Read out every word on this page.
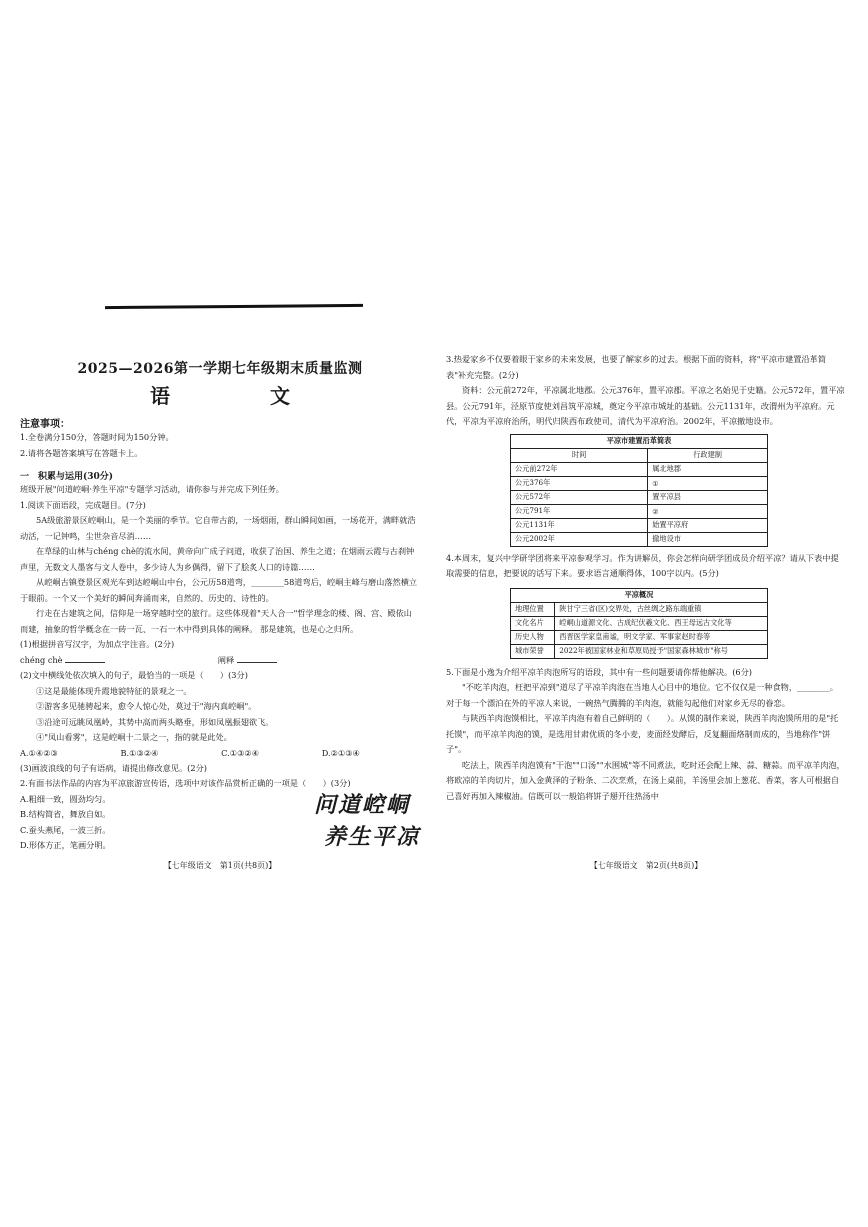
2025—2026第一学期七年级期末质量监测
语　文
注意事项：

1.全卷满分150分，答题时间为150分钟。

2.请将各题答案填写在答题卡上。

一　积累与运用(30分)

班级开展"问道崆峒·养生平凉"专题学习活动，请你参与并完成下列任务。

1.阅读下面语段，完成题目。(7分)

5A级旅游景区崆峒山，是一个美丽的季节。它自带古韵，一场烟雨，群山瞬间如画，一场花开，满畔就浩动活，一记钟鸣，尘世杂音尽消……

在草绿的山林与chéng chè的流水间，黄帝向广成子问道，收获了治国、养生之道；在烟雨云霞与古刹钟声里，无数文人墨客与文人卷中，多少诗人为乡偶得，留下了脍炙人口的诗篇……

从崆峒古镇登景区观光车到达崆峒山中台，公元历58道弯，________58道弯后，崆峒主峰与磨山落然横立于眼前。一个又一个美好的瞬间奔涌而来，自然的、历史的、诗性的。

行走在古建筑之间，信仰是一场穿越时空的旅行。这些体现着"天人合一"哲学理念的楼、阁、宫、殿依山而建，抽象的哲学概念在一砖一瓦、一石一木中得到具体的阐释。 那是建筑，也是心之归所。

(1)根据拼音写汉字，为加点字注音。(2分)

chéng chè	阐释

(2)文中横线处依次填入的句子，最恰当的一项是（　　）(3分)

①这是最能体现升霞地貌特征的景观之一。

②游客多见驰骋起来，愈令人惊心处，莫过于"海内真崆峒"。

③沿途可远眺凤凰岭，其势中高而两头略垂，形如凤凰振翅欲飞。

④"凤山看雾"，这是崆峒十二景之一，指的就是此处。

A.①④②③	B.①③②④	C.①③②④	D.②①③④

(3)画波浪线的句子有语病，请提出修改意见。(2分)

2.有面书法作品的内容为平凉旅游宣传语，选项中对该作品赏析正确的一项是（　　）(3分)

A.粗细一致，圆劲均匀。

B.结构简省，舞放自如。

C.蚕头燕尾，一波三折。

D.形体方正，笔画分明。

问道崆峒
养生平凉
【七年级语文　第1页(共8页)】

3.热爱家乡不仅要着眼于家乡的未来发展，也要了解家乡的过去。根据下面的资料，将"平凉市建置沿革简表"补充完整。(2分)

资料：公元前272年，平凉属北地郡。公元376年，置平凉郡。平凉之名始见于史籍。公元572年，置平凉县。公元791年，泾原节度使刘昌筑平凉城，奠定今平凉市城址的基础。公元1131年，改渭州为平凉府。元代，平凉为平凉府治所，明代归陕西布政使司，清代为平凉府治。2002年，平凉撤地设市。

平凉市建置沿革简表	
时间	行政建制
公元前272年	属北地郡
公元376年	①
公元572年	置平凉县
公元791年	②
公元1131年	始置平凉府
公元2002年	撤地设市

4.本周末，复兴中学研学团将来平凉参观学习。作为讲解员，你会怎样向研学团成员介绍平凉？请从下表中提取需要的信息，把要说的话写下来。要求语言通顺得体，100字以内。(5分)

平凉概况	
地理位置	陕甘宁三省(区)交界处，古丝绸之路东端重镇
文化名片	崆峒山道源文化、古成纪伏羲文化、西王母远古文化等
历史人物	西晋医学家皇甫谧，明文学家、军事家赵时春等
城市荣誉	2022年被国家林业和草原局授予"国家森林城市"称号

5.下面是小逸为介绍平凉羊肉泡所写的语段，其中有一些问题要请你帮他解决。(6分)

"不吃羊肉泡，枉把平凉到"道尽了平凉羊肉泡在当地人心目中的地位。它不仅仅是一种食物，________。对于每一个漂泊在外的平凉人来说，一碗热气腾腾的羊肉泡，就能勾起他们对家乡无尽的眷恋。

与陕西羊肉泡馍相比，平凉羊肉泡有着自己鲜明的（　　）。从馍的制作来说，陕西羊肉泡馍所用的是"托托馍"，而平凉羊肉泡的馍，是选用甘肃优质的冬小麦，麦面经发酵后，反复翻面烙制而成的，当地称作"饼子"。

吃法上，陕西羊肉泡馍有"干泡""口汤""水围城"等不同煮法，吃时还会配上辣、蒜、糖蒜。而平凉羊肉泡，将欧凉的羊肉切片，加入金黄泽的子粉条、二次烹煮，在汤上桌前，羊汤里会加上葱花、香菜，客人可根据自己喜好再加入辣椒油。信既可以一般馅将饼子掰开往热汤中

【七年级语文　第2页(共8页)】
